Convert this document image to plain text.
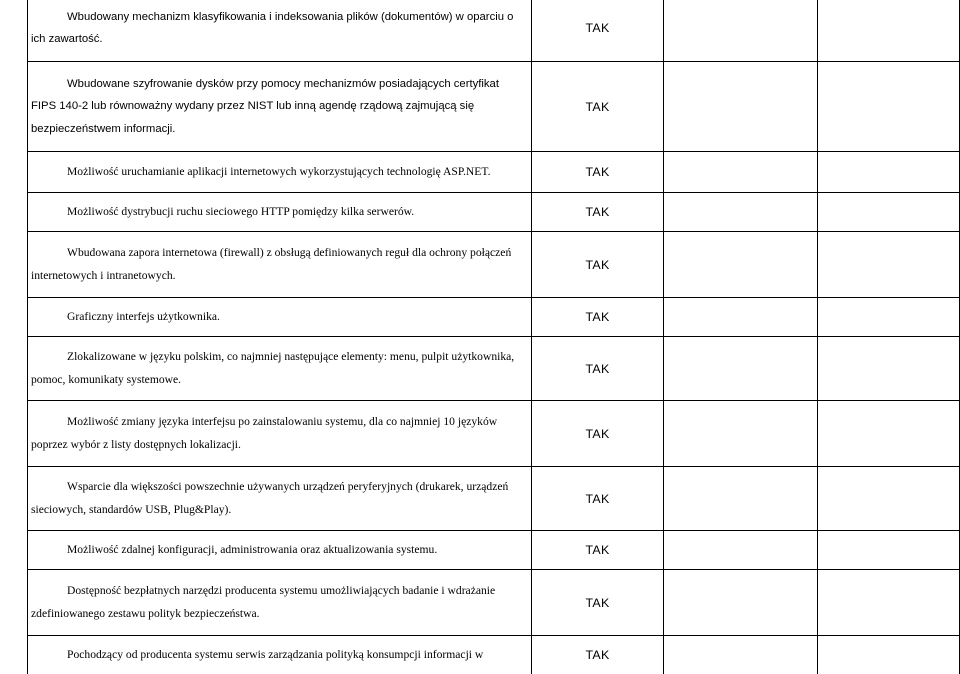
Wbudowany mechanizm klasyfikowania i indeksowania plików (dokumentów) w oparciu o ich zawartość.	TAK		
Wbudowane szyfrowanie dysków przy pomocy mechanizmów posiadających certyfikat FIPS 140-2 lub równoważny wydany przez NIST lub inną agendę rządową zajmującą się bezpieczeństwem informacji.	TAK		
Możliwość uruchamianie aplikacji internetowych wykorzystujących technologię ASP.NET.	TAK		
Możliwość dystrybucji ruchu sieciowego HTTP pomiędzy kilka serwerów.	TAK		
Wbudowana zapora internetowa (firewall) z obsługą definiowanych reguł dla ochrony połączeń internetowych i intranetowych.	TAK		
Graficzny interfejs użytkownika.	TAK		
Zlokalizowane w języku polskim, co najmniej następujące elementy: menu, pulpit użytkownika, pomoc, komunikaty systemowe.	TAK		
Możliwość zmiany języka interfejsu po zainstalowaniu systemu, dla co najmniej 10 języków poprzez wybór z listy dostępnych lokalizacji.	TAK		
Wsparcie dla większości powszechnie używanych urządzeń peryferyjnych (drukarek, urządzeń sieciowych, standardów USB, Plug&Play).	TAK		
Możliwość zdalnej konfiguracji, administrowania oraz aktualizowania systemu.	TAK		
Dostępność bezpłatnych narzędzi producenta systemu umożliwiających badanie i wdrażanie zdefiniowanego zestawu polityk bezpieczeństwa.	TAK		
Pochodzący od producenta systemu serwis zarządzania polityką konsumpcji informacji w	TAK		
